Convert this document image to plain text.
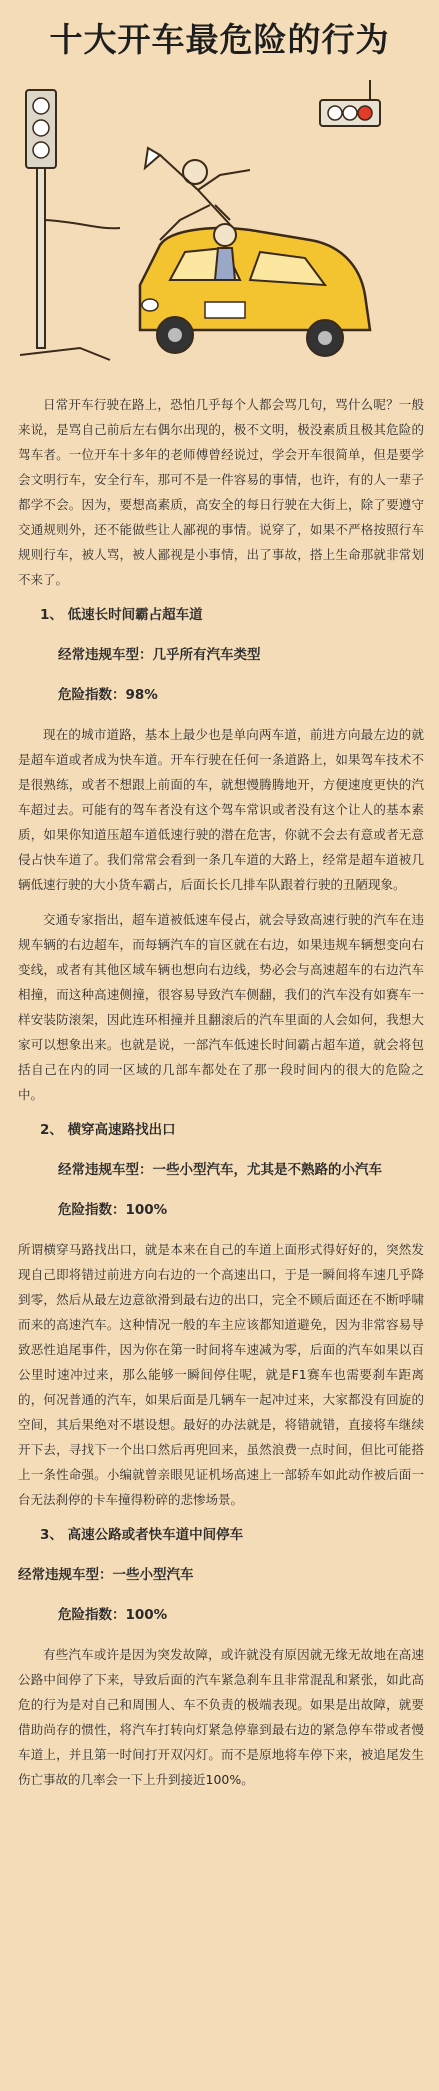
十大开车最危险的行为

日常开车行驶在路上，恐怕几乎每个人都会骂几句，骂什么呢？一般来说，是骂自己前后左右偶尔出现的，极不文明，极没素质且极其危险的驾车者。一位开车十多年的老师傅曾经说过，学会开车很简单，但是要学会文明行车，安全行车，那可不是一件容易的事情，也许，有的人一辈子都学不会。因为，要想高素质，高安全的每日行驶在大街上，除了要遵守交通规则外，还不能做些让人鄙视的事情。说穿了，如果不严格按照行车规则行车，被人骂，被人鄙视是小事情，出了事故，搭上生命那就非常划不来了。

1、 低速长时间霸占超车道
经常违规车型：几乎所有汽车类型
危险指数：98%

现在的城市道路，基本上最少也是单向两车道，前进方向最左边的就是超车道或者成为快车道。开车行驶在任何一条道路上，如果驾车技术不是很熟练，或者不想跟上前面的车，就想慢腾腾地开，方便速度更快的汽车超过去。可能有的驾车者没有这个驾车常识或者没有这个让人的基本素质，如果你知道压超车道低速行驶的潜在危害，你就不会去有意或者无意侵占快车道了。我们常常会看到一条几车道的大路上，经常是超车道被几辆低速行驶的大小货车霸占，后面长长几排车队跟着行驶的丑陋现象。

交通专家指出，超车道被低速车侵占，就会导致高速行驶的汽车在违规车辆的右边超车，而每辆汽车的盲区就在右边，如果违规车辆想变向右变线，或者有其他区域车辆也想向右边线，势必会与高速超车的右边汽车相撞，而这种高速侧撞，很容易导致汽车侧翻，我们的汽车没有如赛车一样安装防滚架，因此连环相撞并且翻滚后的汽车里面的人会如何，我想大家可以想象出来。也就是说，一部汽车低速长时间霸占超车道，就会将包括自己在内的同一区域的几部车都处在了那一段时间内的很大的危险之中。

2、 横穿高速路找出口
经常违规车型：一些小型汽车，尤其是不熟路的小汽车
危险指数：100%

所谓横穿马路找出口，就是本来在自己的车道上面形式得好好的，突然发现自己即将错过前进方向右边的一个高速出口，于是一瞬间将车速几乎降到零，然后从最左边意欲滑到最右边的出口，完全不顾后面还在不断呼啸而来的高速汽车。这种情况一般的车主应该都知道避免，因为非常容易导致恶性追尾事件，因为你在第一时间将车速减为零，后面的汽车如果以百公里时速冲过来，那么能够一瞬间停住呢，就是F1赛车也需要刹车距离的，何况普通的汽车，如果后面是几辆车一起冲过来，大家都没有回旋的空间，其后果绝对不堪设想。最好的办法就是，将错就错，直接将车继续开下去，寻找下一个出口然后再兜回来，虽然浪费一点时间，但比可能搭上一条性命强。小编就曾亲眼见证机场高速上一部轿车如此动作被后面一台无法刹停的卡车撞得粉碎的悲惨场景。

3、 高速公路或者快车道中间停车
经常违规车型：一些小型汽车
危险指数：100%

有些汽车或许是因为突发故障，或许就没有原因就无缘无故地在高速公路中间停了下来，导致后面的汽车紧急刹车且非常混乱和紧张，如此高危的行为是对自己和周围人、车不负责的极端表现。如果是出故障，就要借助尚存的惯性，将汽车打转向灯紧急停靠到最右边的紧急停车带或者慢车道上，并且第一时间打开双闪灯。而不是原地将车停下来，被追尾发生伤亡事故的几率会一下上升到接近100%。
